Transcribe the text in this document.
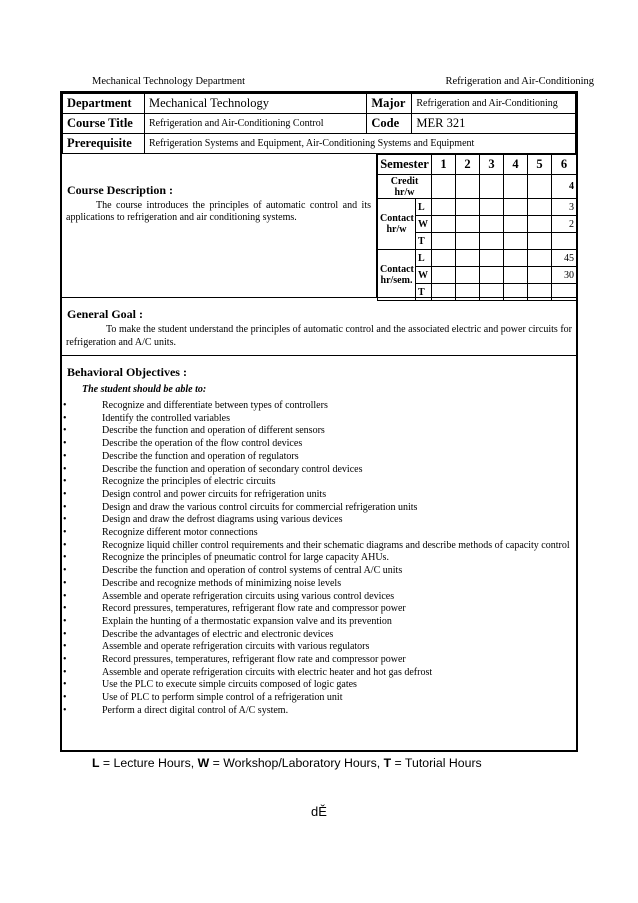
Mechanical Technology Department	Refrigeration and Air-Conditioning
Department	Mechanical Technology	Major	Refrigeration and Air-Conditioning
Course Title	Refrigeration and Air-Conditioning Control	Code	MER 321
Prerequisite	Refrigeration Systems and Equipment, Air-Conditioning Systems and Equipment		
Course Description :
The course introduces the principles of automatic control and its applications to refrigeration and air conditioning systems.
Semester		1	2	3	4	5	6
Credit hr/w							4
Contact hr/w	L						3
	W						2
	T						
Contact hr/sem.	L						45
	W						30
	T						
General Goal :
To make the student understand the principles of automatic control and the associated electric and power circuits for refrigeration and A/C units.
Behavioral Objectives :
The student should be able to:
•	Recognize and differentiate between types of controllers
•	Identify the controlled variables
•	Describe the function and operation of different sensors
•	Describe the operation of the flow control devices
•	Describe the function and operation of regulators
•	Describe the function and operation of secondary control devices
•	Recognize the principles of electric circuits
•	Design control and power circuits for refrigeration units
•	Design and draw the various control circuits for commercial refrigeration units
•	Design and draw the defrost diagrams using various devices
•	Recognize different motor connections
•	Recognize liquid chiller control requirements and their schematic diagrams and describe methods of capacity control
•	Recognize the principles of pneumatic control for large capacity AHUs.
•	Describe the function and operation of control systems of central A/C units
•	Describe and recognize methods of minimizing noise levels
•	Assemble and operate refrigeration circuits using various control devices
•	Record pressures, temperatures, refrigerant flow rate and compressor power
•	Explain the hunting of a thermostatic expansion valve and its prevention
•	Describe the advantages of electric and electronic devices
•	Assemble and operate refrigeration circuits with various regulators
•	Record pressures, temperatures, refrigerant flow rate and compressor power
•	Assemble and operate refrigeration circuits with electric heater and hot gas defrost
•	Use the PLC to execute simple circuits composed of logic gates
•	Use of PLC to perform simple control of a refrigeration unit
•	Perform a direct digital control of A/C system.
L = Lecture Hours, W = Workshop/Laboratory Hours, T = Tutorial Hours
dĚ
